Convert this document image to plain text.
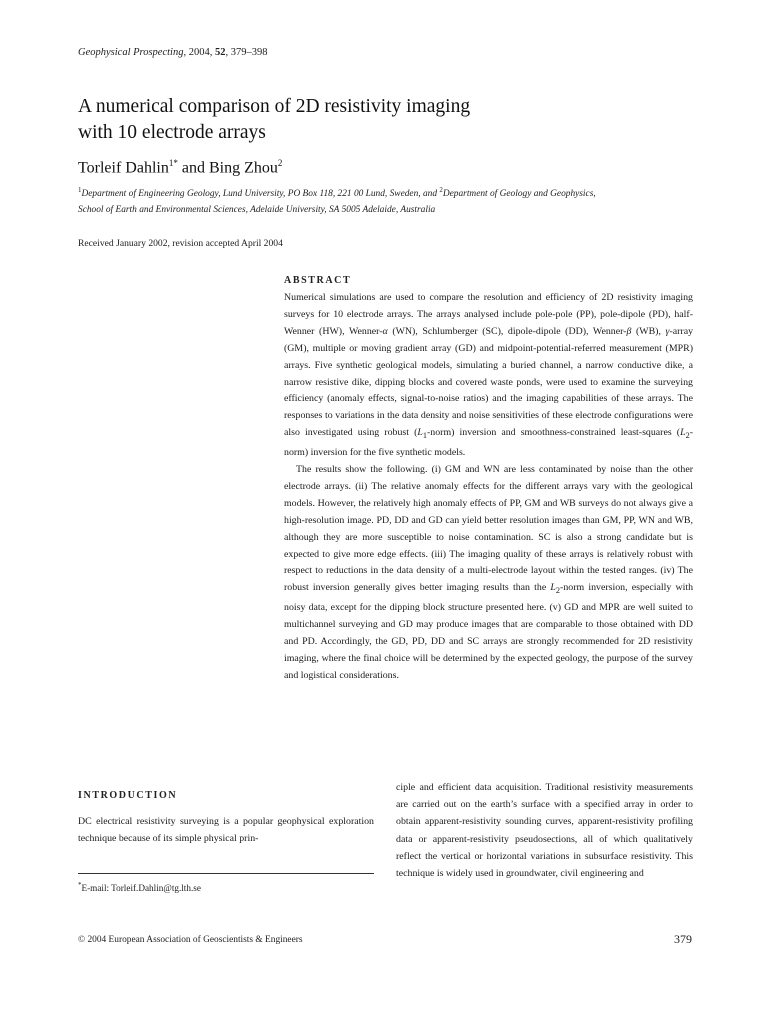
Geophysical Prospecting, 2004, 52, 379–398
A numerical comparison of 2D resistivity imaging
with 10 electrode arrays
Torleif Dahlin$^{1*}$ and Bing Zhou$^2$
$^1$Department of Engineering Geology, Lund University, PO Box 118, 221 00 Lund, Sweden, and $^2$Department of Geology and Geophysics,
School of Earth and Environmental Sciences, Adelaide University, SA 5005 Adelaide, Australia
Received January 2002, revision accepted April 2004
ABSTRACT

Numerical simulations are used to compare the resolution and efficiency of 2D resistivity imaging surveys for 10 electrode arrays. The arrays analysed include pole-pole (PP), pole-dipole (PD), half-Wenner (HW), Wenner-α (WN), Schlumberger (SC), dipole-dipole (DD), Wenner-β (WB), γ-array (GM), multiple or moving gradient array (GD) and midpoint-potential-referred measurement (MPR) arrays. Five synthetic geological models, simulating a buried channel, a narrow conductive dike, a narrow resistive dike, dipping blocks and covered waste ponds, were used to examine the surveying efficiency (anomaly effects, signal-to-noise ratios) and the imaging capabilities of these arrays. The responses to variations in the data density and noise sensitivities of these electrode configurations were also investigated using robust $(L_1-norm)$ inversion and smoothness-constrained least-squares $(L_2-norm)$ inversion for the five synthetic models.

The results show the following. (i) GM and WN are less contaminated by noise than the other electrode arrays. (ii) The relative anomaly effects for the different arrays vary with the geological models. However, the relatively high anomaly effects of PP, GM and WB surveys do not always give a high-resolution image. PD, DD and GD can yield better resolution images than GM, PP, WN and WB, although they are more susceptible to noise contamination. SC is also a strong candidate but is expected to give more edge effects. (iii) The imaging quality of these arrays is relatively robust with respect to reductions in the data density of a multi-electrode layout within the tested ranges. (iv) The robust inversion generally gives better imaging results than the $L_2$-norm inversion, especially with noisy data, except for the dipping block structure presented here. (v) GD and MPR are well suited to multichannel surveying and GD may produce images that are comparable to those obtained with DD and PD. Accordingly, the GD, PD, DD and SC arrays are strongly recommended for 2D resistivity imaging, where the final choice will be determined by the expected geology, the purpose of the survey and logistical considerations.

INTRODUCTION
DC electrical resistivity surveying is a popular geophysical exploration technique because of its simple physical prin-
ciple and efficient data acquisition. Traditional resistivity measurements are carried out on the earth’s surface with a specified array in order to obtain apparent-resistivity sounding curves, apparent-resistivity profiling data or apparent-resistivity pseudosections, all of which qualitatively reflect the vertical or horizontal variations in subsurface resistivity. This technique is widely used in groundwater, civil engineering and
*E-mail: Torleif.Dahlin@tg.lth.se
© 2004 European Association of Geoscientists & Engineers	379
